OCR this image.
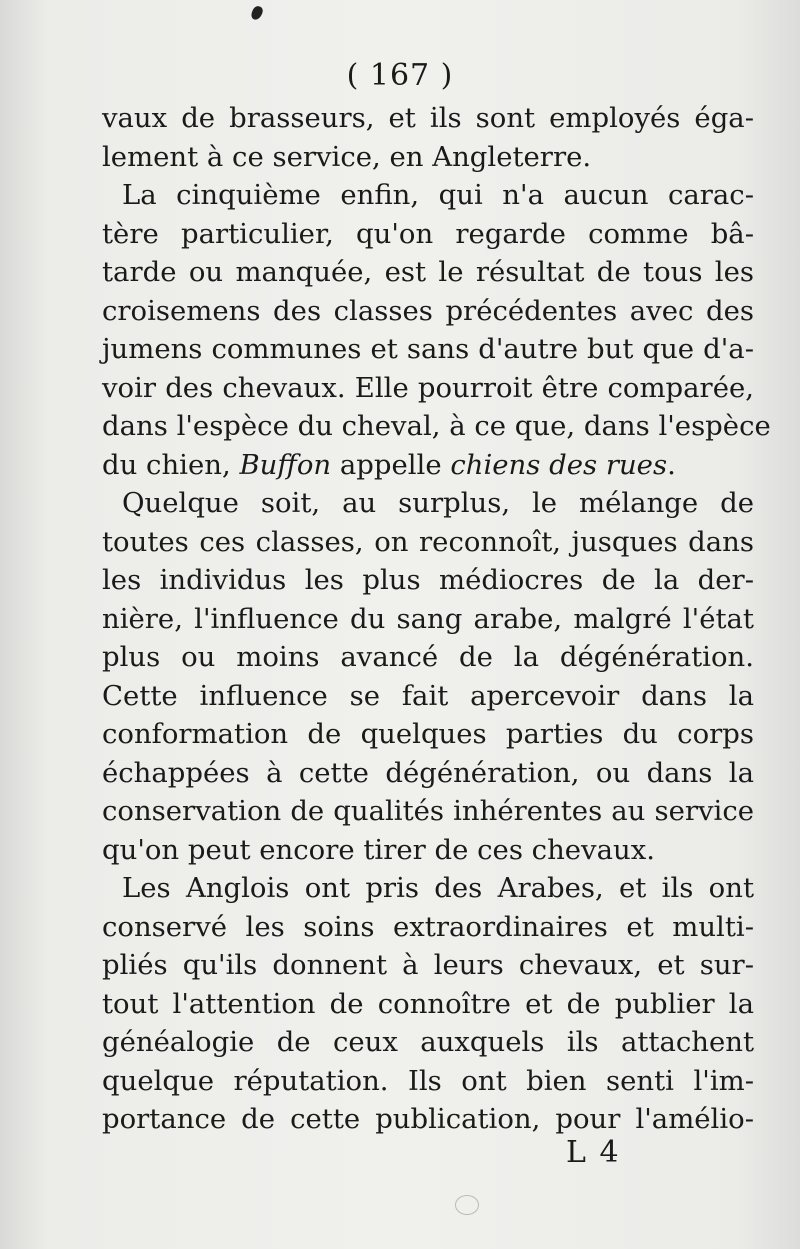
( 167 )
vaux de brasseurs, et ils sont employés éga-
lement à ce service, en Angleterre.
La cinquième enfin, qui n'a aucun carac-
tère particulier, qu'on regarde comme bâ-
tarde ou manquée, est le résultat de tous les
croisemens des classes précédentes avec des
jumens communes et sans d'autre but que d'a-
voir des chevaux. Elle pourroit être comparée,
dans l'espèce du cheval, à ce que, dans l'espèce
du chien, Buffon appelle chiens des rues.
Quelque soit, au surplus, le mélange de
toutes ces classes, on reconnoît, jusques dans
les individus les plus médiocres de la der-
nière, l'influence du sang arabe, malgré l'état
plus ou moins avancé de la dégénération.
Cette influence se fait apercevoir dans la
conformation de quelques parties du corps
échappées à cette dégénération, ou dans la
conservation de qualités inhérentes au service
qu'on peut encore tirer de ces chevaux.
Les Anglois ont pris des Arabes, et ils ont
conservé les soins extraordinaires et multi-
pliés qu'ils donnent à leurs chevaux, et sur-
tout l'attention de connoître et de publier la
généalogie de ceux auxquels ils attachent
quelque réputation. Ils ont bien senti l'im-
portance de cette publication, pour l'amélio-
L 4
